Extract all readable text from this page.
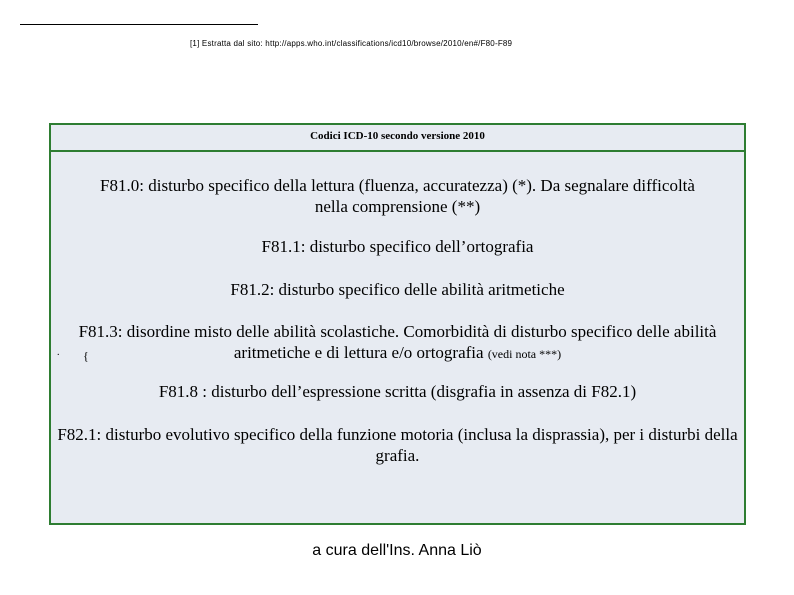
[1] Estratta dal sito: http://apps.who.int/classifications/icd10/browse/2010/en#/F80-F89
Codici ICD-10 secondo versione 2010
F81.0: disturbo specifico della lettura (fluenza, accuratezza) (*). Da segnalare difficoltà nella comprensione (**)
F81.1: disturbo specifico dell’ortografia
F81.2: disturbo specifico delle abilità aritmetiche
F81.3: disordine misto delle abilità scolastiche. Comorbidità di disturbo specifico delle abilità aritmetiche e di lettura e/o ortografia (vedi nota ***)
. {
F81.8 : disturbo dell’espressione scritta (disgrafia in assenza di F82.1)
F82.1: disturbo evolutivo specifico della funzione motoria (inclusa la disprassia), per i disturbi della grafia.
a cura dell'Ins. Anna Liò
